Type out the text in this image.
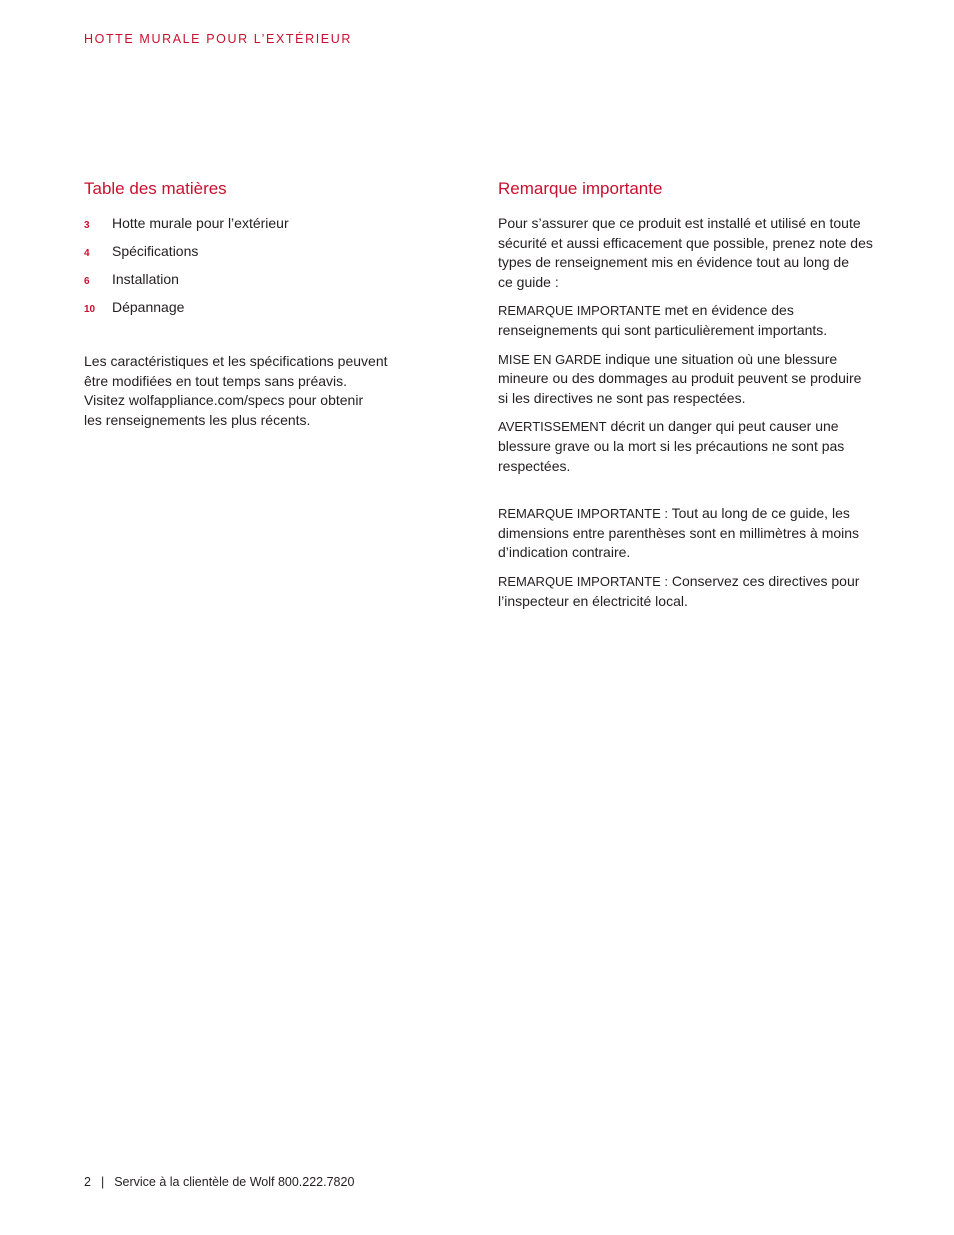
HOTTE MURALE POUR L’EXTÉRIEUR
Table des matières
3	Hotte murale pour l’extérieur
4	Spécifications
6	Installation
10	Dépannage
Les caractéristiques et les spécifications peuvent
être modifiées en tout temps sans préavis.
Visitez wolfappliance.com/specs pour obtenir
les renseignements les plus récents.
Remarque importante

Pour s’assurer que ce produit est installé et utilisé en toute
sécurité et aussi efficacement que possible, prenez note des
types de renseignement mis en évidence tout au long de
ce guide :

REMARQUE IMPORTANTE met en évidence des
renseignements qui sont particulièrement importants.

MISE EN GARDE indique une situation où une blessure
mineure ou des dommages au produit peuvent se produire
si les directives ne sont pas respectées.

AVERTISSEMENT décrit un danger qui peut causer une
blessure grave ou la mort si les précautions ne sont pas
respectées.

REMARQUE IMPORTANTE : Tout au long de ce guide, les
dimensions entre parenthèses sont en millimètres à moins
d’indication contraire.

REMARQUE IMPORTANTE : Conservez ces directives pour
l’inspecteur en électricité local.

2 | Service à la clientèle de Wolf 800.222.7820
